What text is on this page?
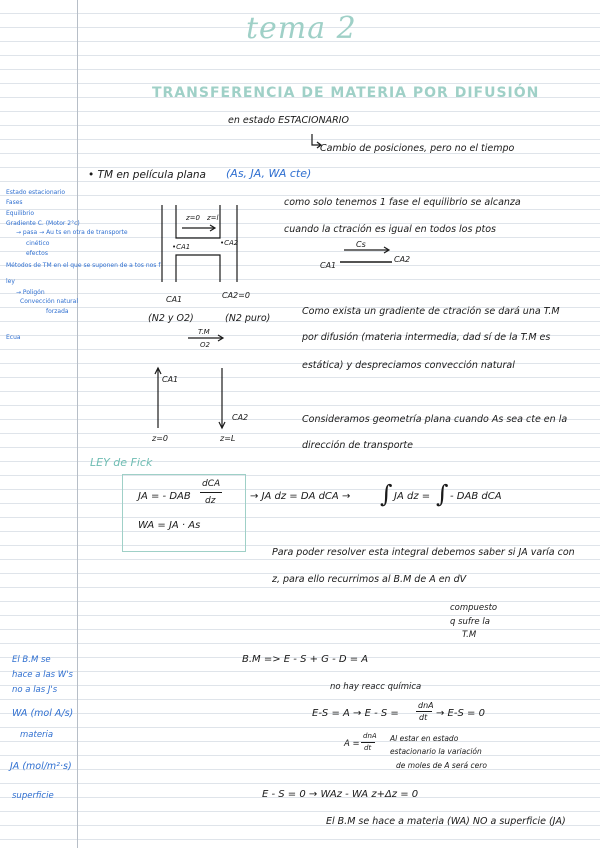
tema 2
TRANSFERENCIA DE MATERIA POR DIFUSIÓN
en estado ESTACIONARIO
Cambio de posiciones, pero no el tiempo
• TM en película plana (As, JA, WA cte)
Estado estacionario
Fases
Equilibrio
Gradiente C. (Motor 2°c)
→ pasa → Au ts en otra de transporte
cinético
efectos
Métodos de TM en el que se suponen de a tos nos f
ley
→ Poligón
Convección natural
forzada
Ecua
z=0 z=l
•CA1	•CA2
CA1	CA2=0
(N2 y O2)	(N2 puro)
T.M
O2
CA1
CA2
z=0	z=L
como solo tenemos 1 fase el equilibrio se alcanza
cuando la ctración es igual en todos los ptos
CA1
CA2
Cs
Como exista un gradiente de ctración se dará una T.M
por difusión (materia intermedia, dad sí de la T.M es
estática) y despreciamos convección natural
Consideramos geometría plana cuando As sea cte en la
dirección de transporte
LEY de Fick
JA = - DAB
dCA
dz
WA = JA · As
→ JA dz = DA dCA → ∫ JA dz = ∫ - DAB dCA
Para poder resolver esta integral debemos saber si JA varía con
z, para ello recurrimos al B.M de A en dV
compuesto
q sufre la
T.M
B.M => E - S + G - D = A
no hay reacc química
E-S = A → E - S =
dnA
dt → E-S = 0
A =
dnA
dt
Al estar en estado
estacionario la variación
de moles de A será cero
E - S = 0 → WAz - WA z+Δz = 0
El B.M se hace a materia (WA) NO a superficie (JA)
El B.M se
hace a las W's
no a las J's
WA (mol A/s)
materia
JA (mol/m²·s)
superficie
